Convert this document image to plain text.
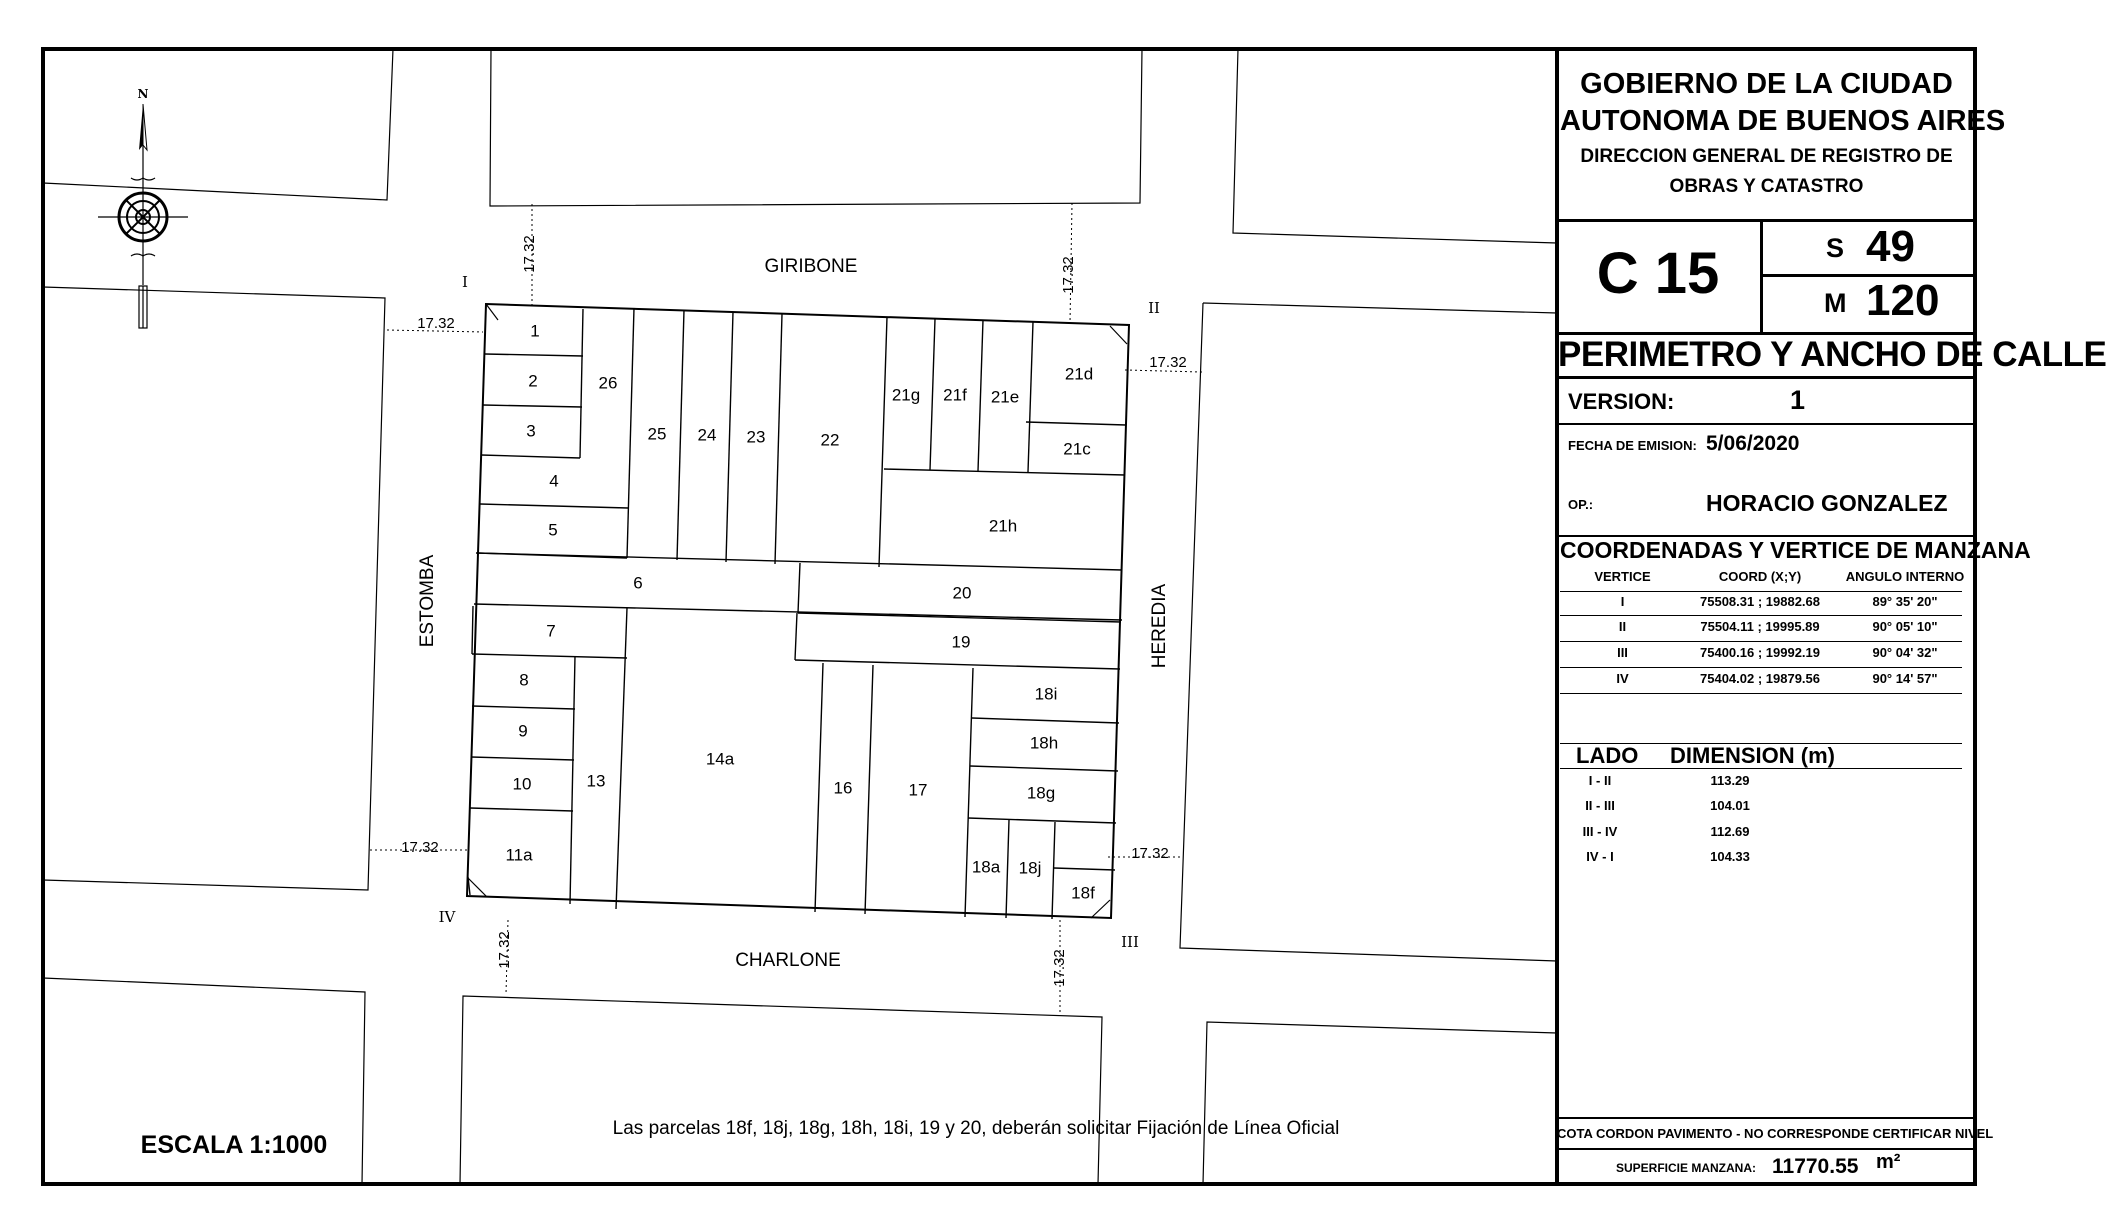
1
2
3
26
25 24 23	22
21g 21f 21e
21d
21c
21h
4
5
6
20
19
7
8
9
10
11a
13
14a
16	17
18i
18h
18g
18a 18j
18f
GIRIBONE
CHARLONE
ESTOMBA	HEREDIA
17.32
17.32
17.32	17.32
17.32
17.32
17.32	17.32
I
II
III
IV
N
ESCALA 1:1000
Las parcelas 18f, 18j, 18g, 18h, 18i, 19 y 20, deberán solicitar Fijación de Línea Oficial
GOBIERNO DE LA CIUDAD
AUTONOMA DE BUENOS AIRES
DIRECCION GENERAL DE REGISTRO DE
OBRAS Y CATASTRO
C 15	S 49
M 120
PERIMETRO Y ANCHO DE CALLE
VERSION:	1
FECHA DE EMISION: 5/06/2020
OP.:	HORACIO GONZALEZ
COORDENADAS Y VERTICE DE MANZANA
VERTICE	COORD (X;Y)	ANGULO INTERNO
I	75508.31 ; 19882.68	89° 35' 20"
II	75504.11 ; 19995.89	90° 05' 10"
III	75400.16 ; 19992.19	90° 04' 32"
IV	75404.02 ; 19879.56	90° 14' 57"
LADO DIMENSION (m)
I - II	113.29
II - III	104.01
III - IV	112.69
IV - I	104.33
COTA CORDON PAVIMENTO - NO CORRESPONDE CERTIFICAR NIVEL
SUPERFICIE MANZANA: 11770.55 m²
